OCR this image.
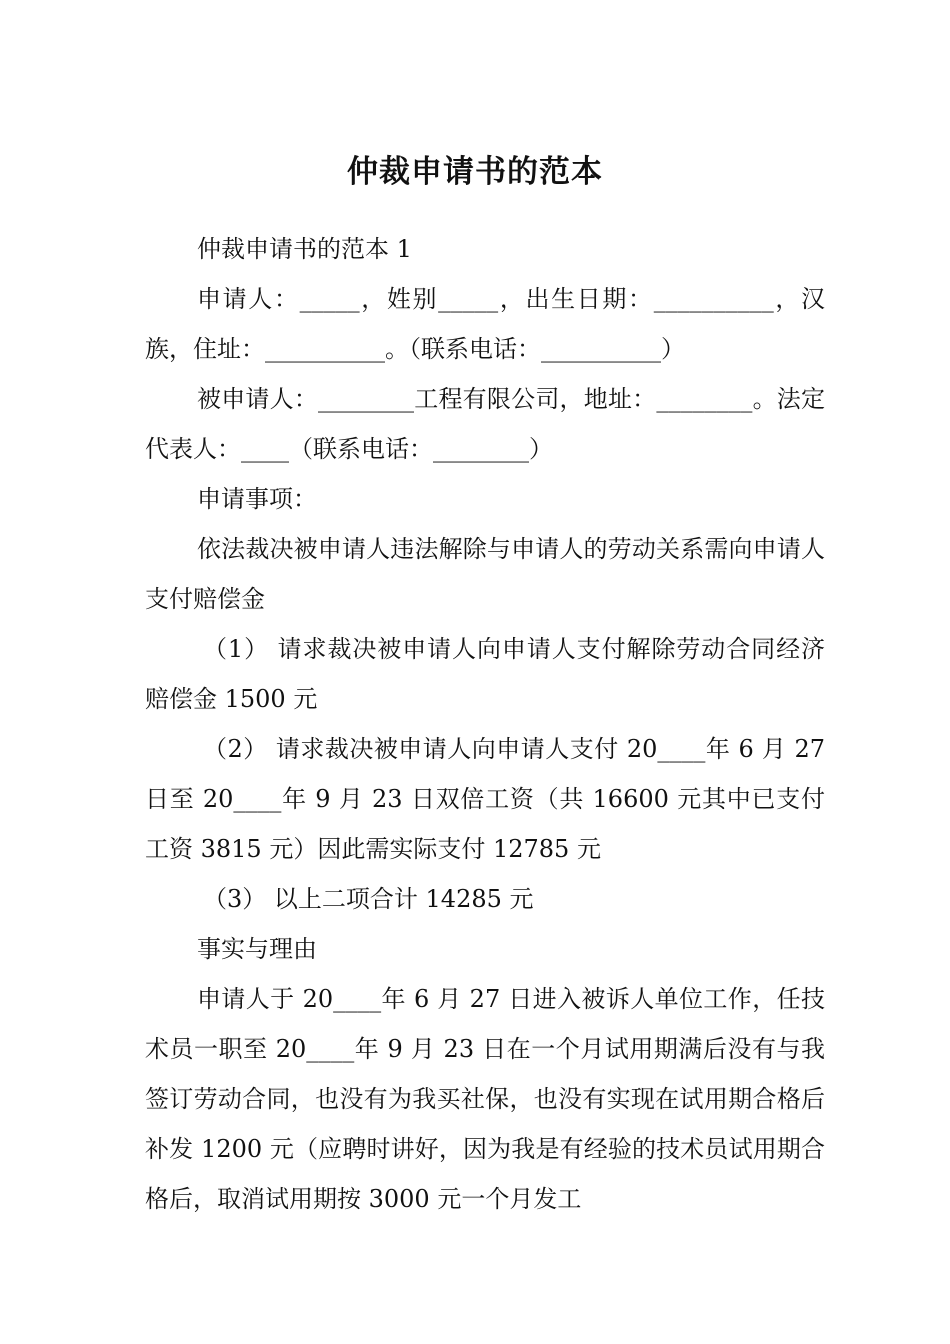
仲裁申请书的范本

仲裁申请书的范本 1

申请人：_____，姓别_____，出生日期：__________，汉族，住址：__________。（联系电话：__________）

被申请人：________工程有限公司，地址：________。法定代表人：____（联系电话：________）

申请事项：

依法裁决被申请人违法解除与申请人的劳动关系需向申请人支付赔偿金

（1） 请求裁决被申请人向申请人支付解除劳动合同经济赔偿金 1500 元

（2） 请求裁决被申请人向申请人支付 20____年 6 月 27 日至 20____年 9 月 23 日双倍工资（共 16600 元其中已支付工资 3815 元）因此需实际支付 12785 元

（3） 以上二项合计 14285 元

事实与理由

申请人于 20____年 6 月 27 日进入被诉人单位工作，任技术员一职至 20____年 9 月 23 日在一个月试用期满后没有与我签订劳动合同，也没有为我买社保，也没有实现在试用期合格后补发 1200 元（应聘时讲好，因为我是有经验的技术员试用期合格后，取消试用期按 3000 元一个月发工
